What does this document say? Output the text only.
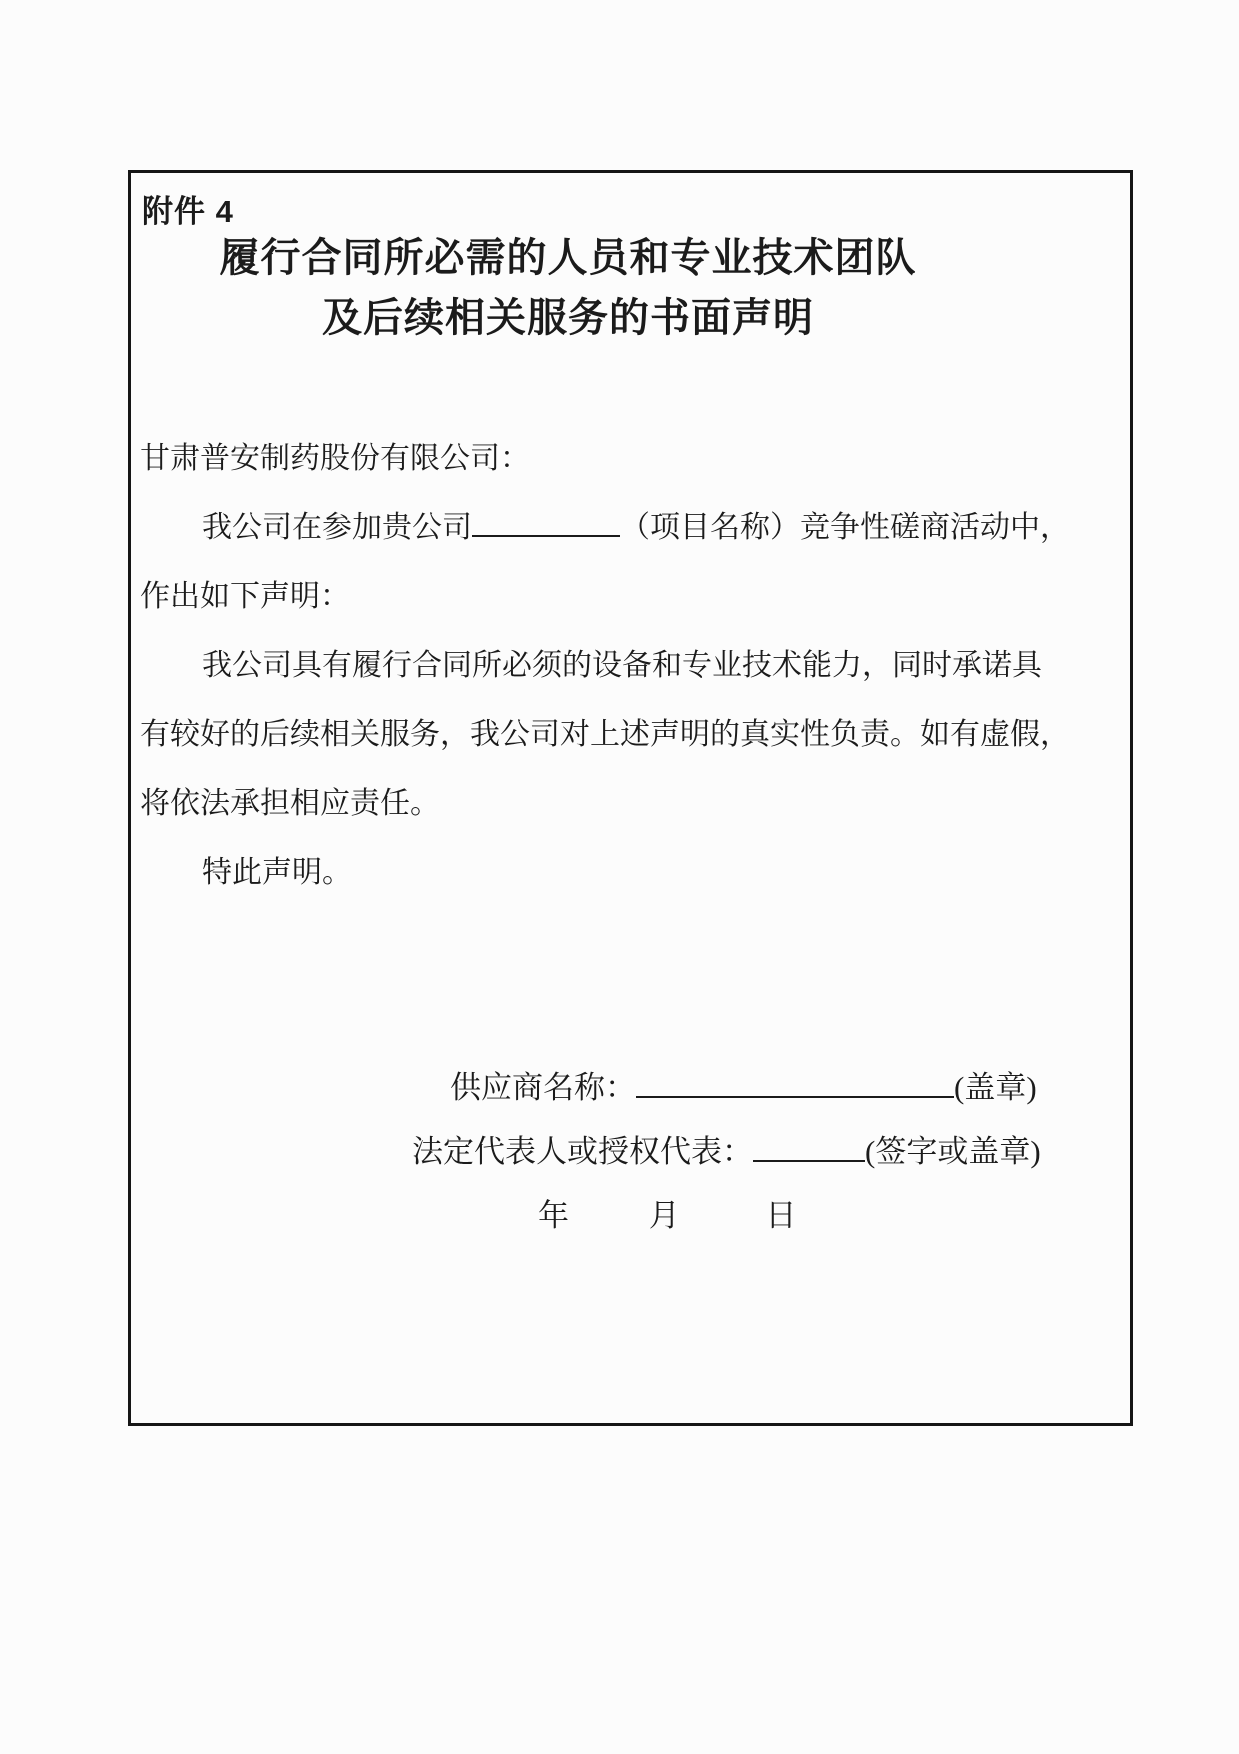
附件 4
履行合同所必需的人员和专业技术团队
及后续相关服务的书面声明
甘肃普安制药股份有限公司：
我公司在参加贵公司	（项目名称）竞争性磋商活动中，
作出如下声明：
我公司具有履行合同所必须的设备和专业技术能力，同时承诺具
有较好的后续相关服务，我公司对上述声明的真实性负责。如有虚假，
将依法承担相应责任。
特此声明。
供应商名称：	(盖章)
法定代表人或授权代表：	(签字或盖章)
年	月	日
